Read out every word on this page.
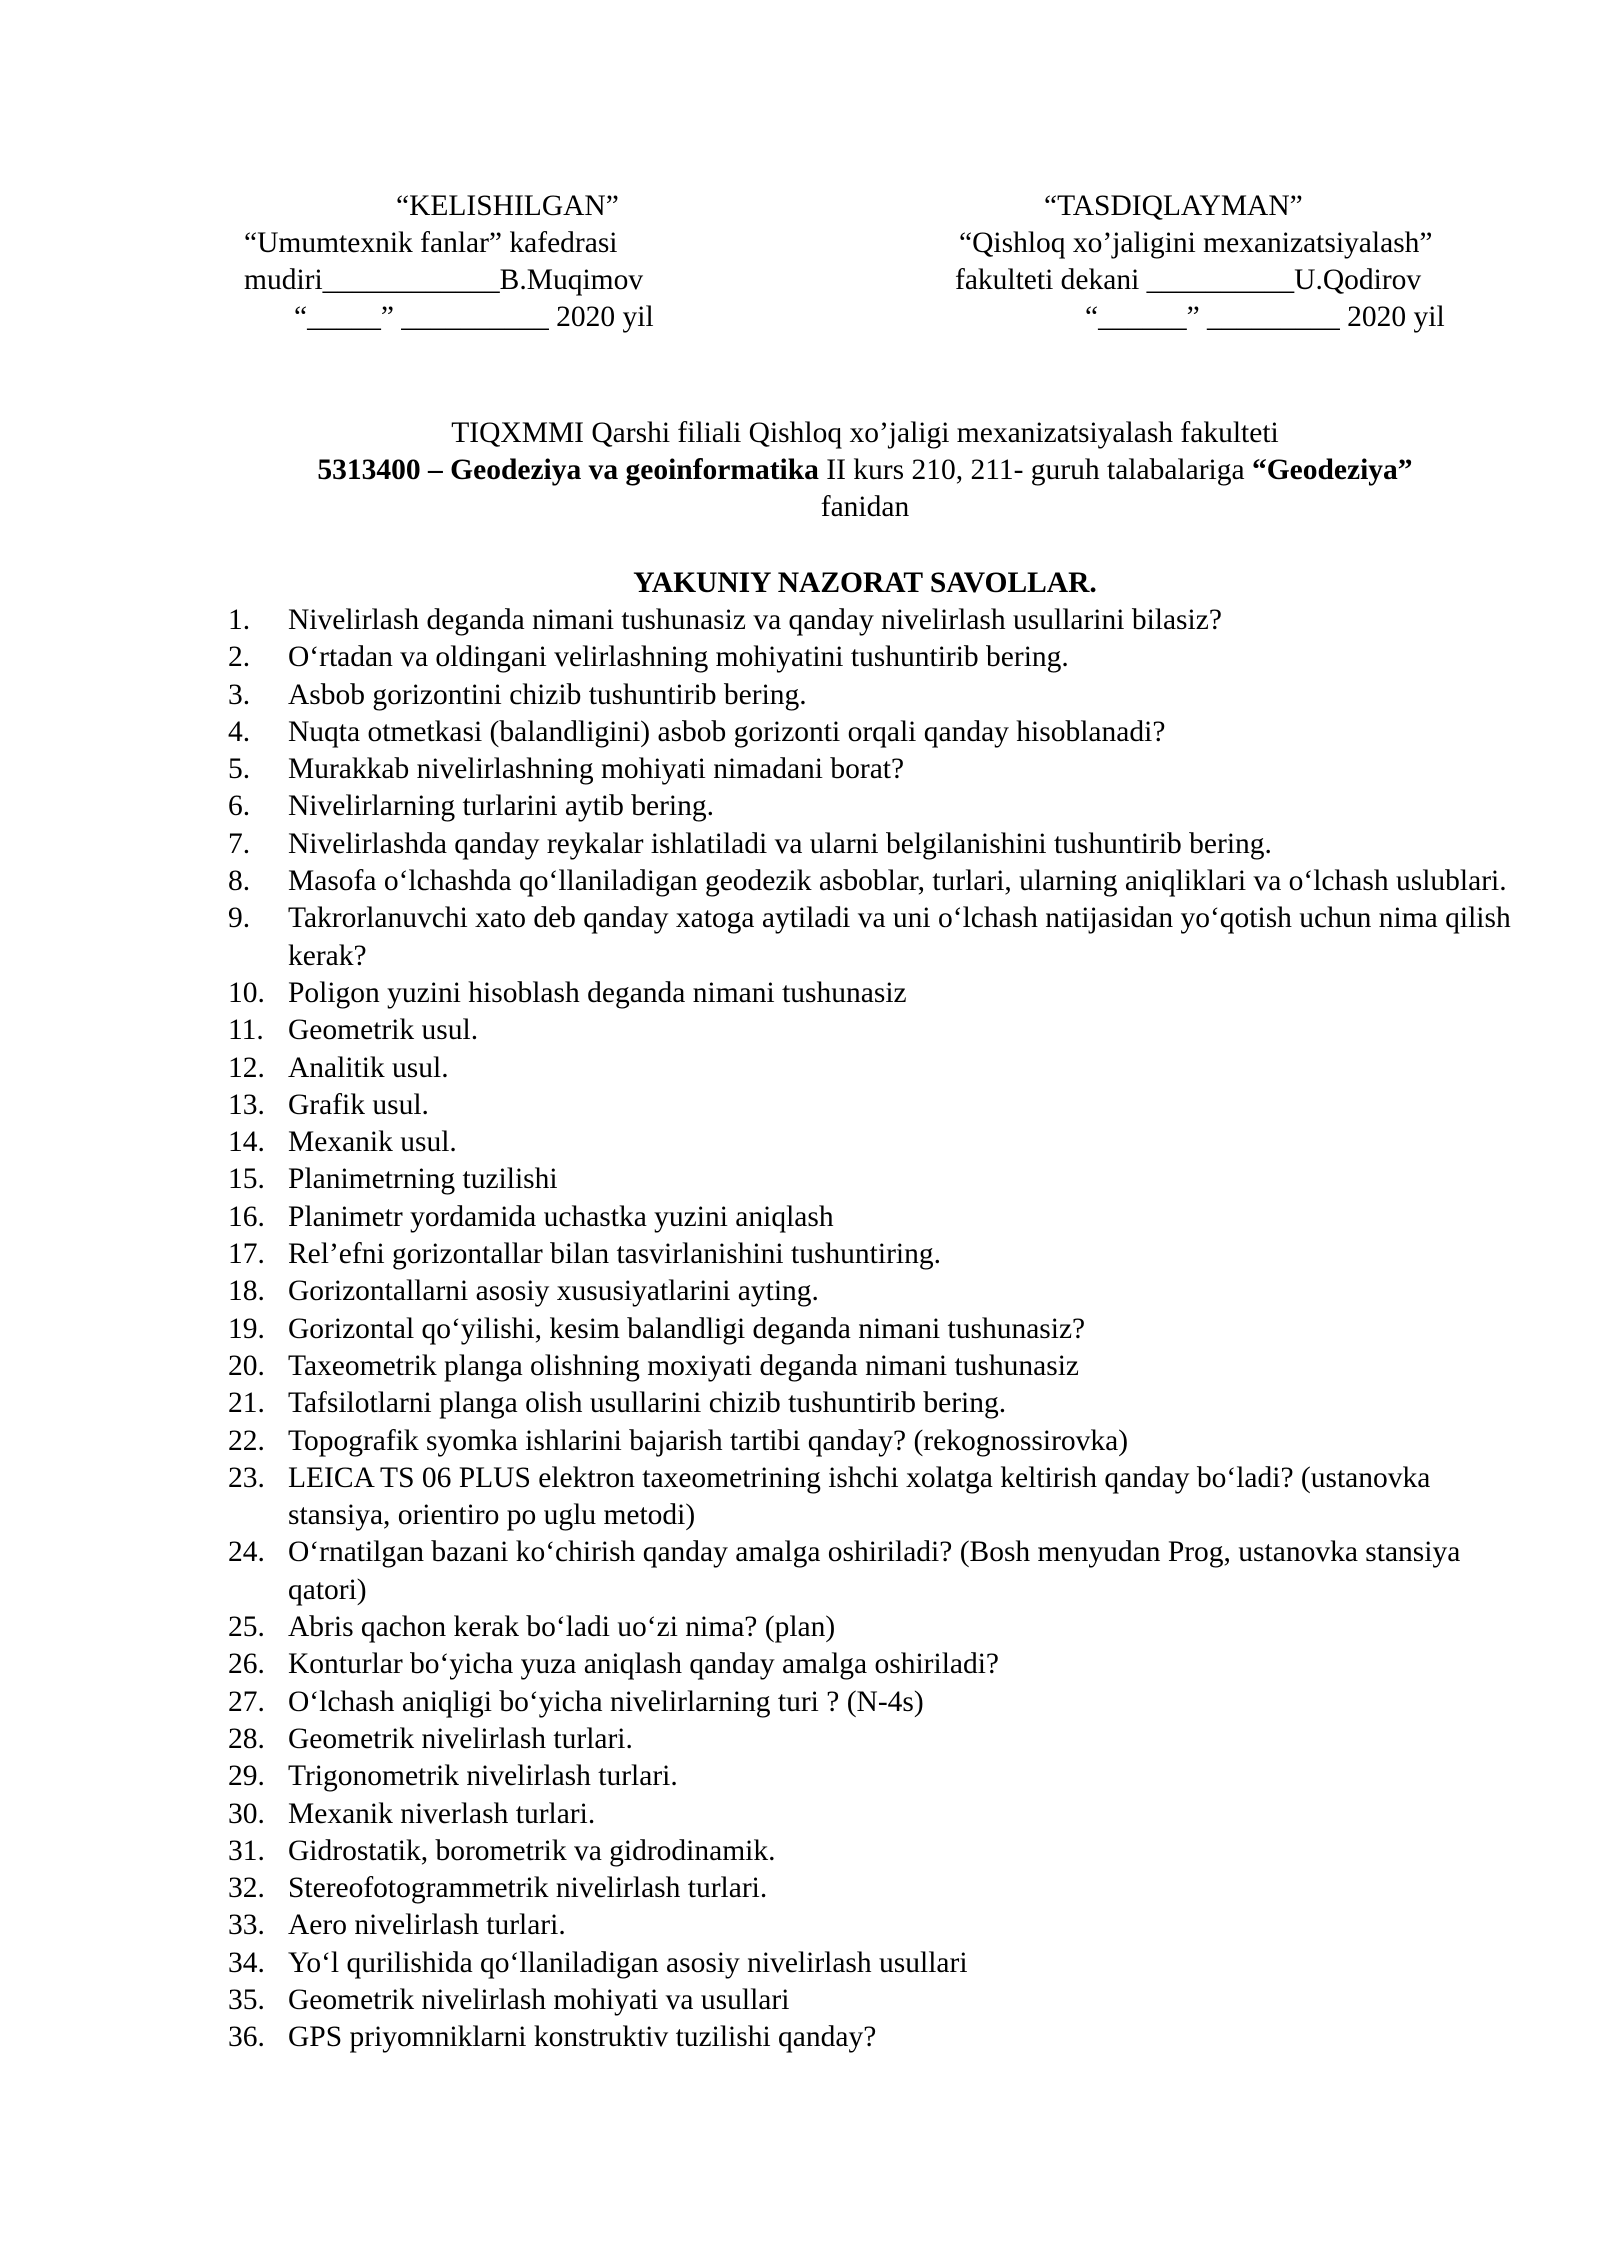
“KELISHILGAN”
“Umumtexnik fanlar” kafedrasi
mudiri____________B.Muqimov
“_____” __________ 2020 yil
“TASDIQLAYMAN”
“Qishloq xo’jaligini mexanizatsiyalash”
fakulteti dekani __________U.Qodirov
“______” _________ 2020 yil
TIQXMMI Qarshi filiali Qishloq xo’jaligi mexanizatsiyalash fakulteti
5313400 – Geodeziya va geoinformatika II kurs 210, 211- guruh talabalariga “Geodeziya”
fanidan
YAKUNIY NAZORAT SAVOLLAR.
1.	Nivelirlash deganda nimani tushunasiz va qanday nivelirlash usullarini bilasiz?
2.	O‘rtadan va oldingani velirlashning mohiyatini tushuntirib bering.
3.	Asbob gorizontini chizib tushuntirib bering.
4.	Nuqta otmetkasi (balandligini) asbob gorizonti orqali qanday hisoblanadi?
5.	Murakkab nivelirlashning mohiyati nimadani borat?
6.	Nivelirlarning turlarini aytib bering.
7.	Nivelirlashda qanday reykalar ishlatiladi va ularni belgilanishini tushuntirib bering.
8.	Masofa o‘lchashda qo‘llaniladigan geodezik asboblar, turlari, ularning aniqliklari va o‘lchash uslublari.
9.	Takrorlanuvchi xato deb qanday xatoga aytiladi va uni o‘lchash natijasidan yo‘qotish uchun nima qilish kerak?
10. Poligon yuzini hisoblash deganda nimani tushunasiz
11. Geometrik usul.
12. Analitik usul.
13. Grafik usul.
14. Mexanik usul.
15. Planimetrning tuzilishi
16. Planimetr yordamida uchastka yuzini aniqlash
17. Rel’efni gorizontallar bilan tasvirlanishini tushuntiring.
18. Gorizontallarni asosiy xususiyatlarini ayting.
19. Gorizontal qo‘yilishi, kesim balandligi deganda nimani tushunasiz?
20. Taxeometrik planga olishning moxiyati deganda nimani tushunasiz
21. Tafsilotlarni planga olish usullarini chizib tushuntirib bering.
22. Topografik syomka ishlarini bajarish tartibi qanday? (rekognossirovka)
23. LEICA TS 06 PLUS elektron taxeometrining ishchi xolatga keltirish qanday bo‘ladi? (ustanovka stansiya, orientiro po uglu metodi)
24. O‘rnatilgan bazani ko‘chirish qanday amalga oshiriladi? (Bosh menyudan Prog, ustanovka stansiya qatori)
25. Abris qachon kerak bo‘ladi uo‘zi nima? (plan)
26. Konturlar bo‘yicha yuza aniqlash qanday amalga oshiriladi?
27. O‘lchash aniqligi bo‘yicha nivelirlarning turi ? (N-4s)
28. Geometrik nivelirlash turlari.
29. Trigonometrik nivelirlash turlari.
30. Mexanik niverlash turlari.
31. Gidrostatik, borometrik va gidrodinamik.
32. Stereofotogrammetrik nivelirlash turlari.
33. Aero nivelirlash turlari.
34. Yo‘l qurilishida qo‘llaniladigan asosiy nivelirlash usullari
35. Geometrik nivelirlash mohiyati va usullari
36. GPS priyomniklarni konstruktiv tuzilishi qanday?
